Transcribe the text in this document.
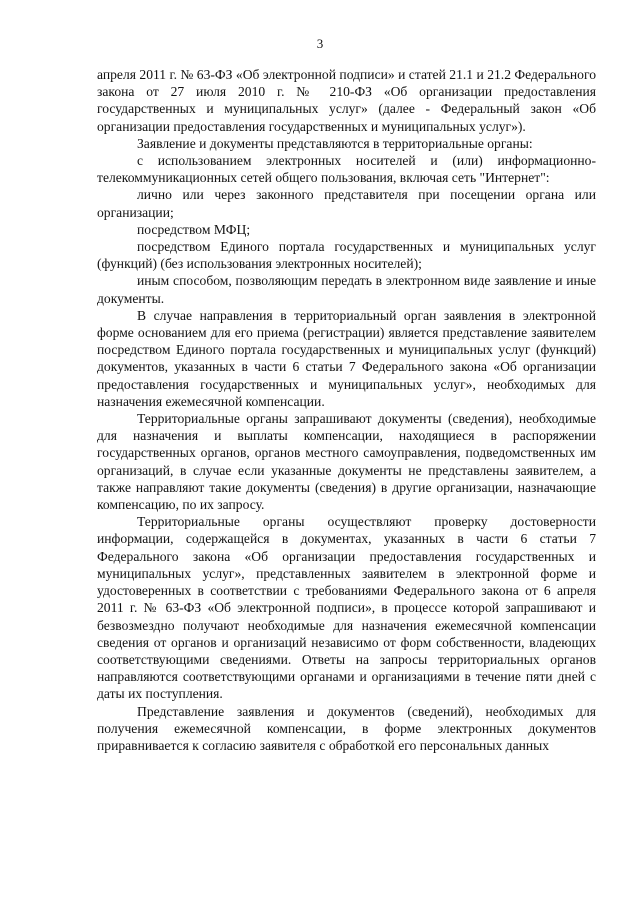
3

апреля 2011 г. № 63-ФЗ «Об электронной подписи» и статей 21.1 и 21.2 Федерального закона от 27 июля 2010 г. № 210-ФЗ «Об организации предоставления государственных и муниципальных услуг» (далее - Федеральный закон «Об организации предоставления государственных и муниципальных услуг»).

Заявление и документы представляются в территориальные органы:

с использованием электронных носителей и (или) информационно-телекоммуникационных сетей общего пользования, включая сеть "Интернет":

лично или через законного представителя при посещении органа или организации;

посредством МФЦ;

посредством Единого портала государственных и муниципальных услуг (функций) (без использования электронных носителей);

иным способом, позволяющим передать в электронном виде заявление и иные документы.

В случае направления в территориальный орган заявления в электронной форме основанием для его приема (регистрации) является представление заявителем посредством Единого портала государственных и муниципальных услуг (функций) документов, указанных в части 6 статьи 7 Федерального закона «Об организации предоставления государственных и муниципальных услуг», необходимых для назначения ежемесячной компенсации.

Территориальные органы запрашивают документы (сведения), необходимые для назначения и выплаты компенсации, находящиеся в распоряжении государственных органов, органов местного самоуправления, подведомственных им организаций, в случае если указанные документы не представлены заявителем, а также направляют такие документы (сведения) в другие организации, назначающие компенсацию, по их запросу.

Территориальные органы осуществляют проверку достоверности информации, содержащейся в документах, указанных в части 6 статьи 7 Федерального закона «Об организации предоставления государственных и муниципальных услуг», представленных заявителем в электронной форме и удостоверенных в соответствии с требованиями Федерального закона от 6 апреля 2011 г. № 63-ФЗ «Об электронной подписи», в процессе которой запрашивают и безвозмездно получают необходимые для назначения ежемесячной компенсации сведения от органов и организаций независимо от форм собственности, владеющих соответствующими сведениями. Ответы на запросы территориальных органов направляются соответствующими органами и организациями в течение пяти дней с даты их поступления.

Представление заявления и документов (сведений), необходимых для получения ежемесячной компенсации, в форме электронных документов приравнивается к согласию заявителя с обработкой его персональных данных
